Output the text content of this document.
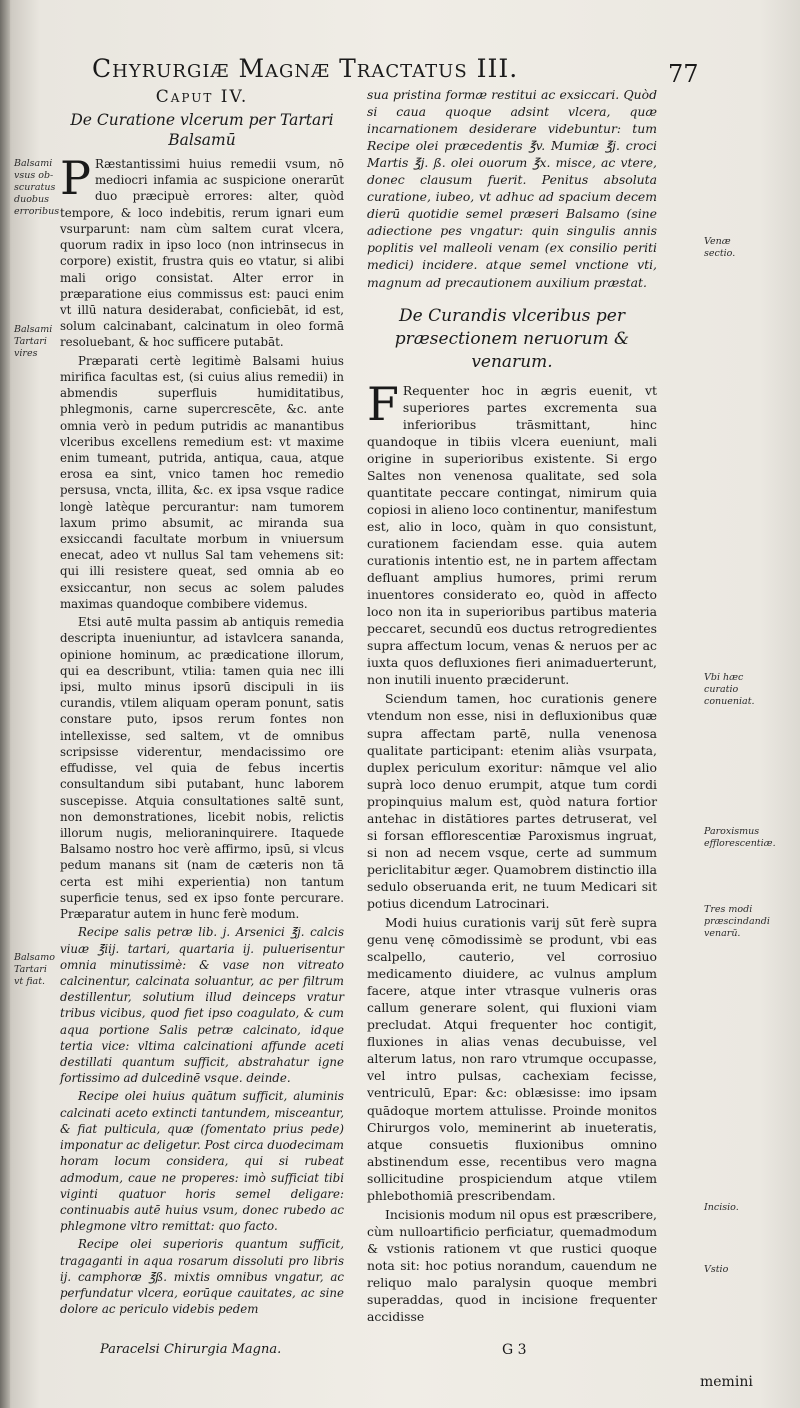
Chyrurgiæ Magnæ Tractatus III.	77
Caput IV.
De Curatione vlcerum per Tartari Balsamū

P Ræstantissimi huius remedii vsum, nō mediocri infamia ac suspicione onerarūt duo præcipuè errores: alter, quòd tempore, & loco indebitis, rerum ignari eum vsurparunt: nam cùm saltem curat vlcera, quorum radix in ipso loco (non intrinsecus in corpore) existit, frustra quis eo vtatur, si alibi mali origo consistat. Alter error in præparatione eius commissus est: pauci enim vt illū natura desiderabat, conficiebāt, id est, solum calcinabant, calcinatum in oleo formā resoluebant, & hoc sufficere putabāt.

Præparati certè legitimè Balsami huius mirifica facultas est, (si cuius alius remedii) in abmendis superfluis humiditatibus, phlegmonis, carne supercrescēte, &c. ante omnia verò in pedum putridis ac manantibus vlceribus excellens remedium est: vt maxime enim tumeant, putrida, antiqua, caua, atque erosa ea sint, vnico tamen hoc remedio persusa, vncta, illita, &c. ex ipsa vsque radice longè latèque percurantur: nam tumorem laxum primo absumit, ac miranda sua exsiccandi facultate morbum in vniuersum enecat, adeo vt nullus Sal tam vehemens sit: qui illi resistere queat, sed omnia ab eo exsiccantur, non secus ac solem paludes maximas quandoque combibere videmus.

Etsi autē multa passim ab antiquis remedia descripta inueniuntur, ad istavlcera sananda, opinione hominum, ac prædicatione illorum, qui ea describunt, vtilia: tamen quia nec illi ipsi, multo minus ipsorū discipuli in iis curandis, vtilem aliquam operam ponunt, satis constare puto, ipsos rerum fontes non intellexisse, sed saltem, vt de omnibus scripsisse viderentur, mendacissimo ore effudisse, vel quia de febus incertis consultandum sibi putabant, hunc laborem suscepisse. Atquia consultationes saltē sunt, non demonstrationes, licebit nobis, relictis illorum nugis, melioraninquirere. Itaquede Balsamo nostro hoc verè affirmo, ipsū, si vlcus pedum manans sit (nam de cæteris non tā certa est mihi experientia) non tantum superficie tenus, sed ex ipso fonte percurare. Præparatur autem in hunc ferè modum.

Recipe salis petræ lib. j. Arsenici ℥j. calcis viuæ ℥iij. tartari, quartaria ij. puluerisentur omnia minutissimè: & vase non vitreato calcinentur, calcinata soluantur, ac per filtrum destillentur, solutium illud deinceps vratur tribus vicibus, quod fiet ipso coagulato, & cum aqua portione Salis petræ calcinato, idque tertia vice: vltima calcinationi affunde aceti destillati quantum sufficit, abstrahatur igne fortissimo ad dulcedinē vsque. deinde.

Recipe olei huius quātum sufficit, aluminis calcinati aceto extincti tantundem, misceantur, & fiat pulticula, quæ (fomentato prius pede) imponatur ac deligetur. Post circa duodecimam horam locum considera, qui si rubeat admodum, caue ne properes: imò sufficiat tibi viginti quatuor horis semel deligare: continuabis autē huius vsum, donec rubedo ac phlegmone vltro remittat: quo facto.

Recipe olei superioris quantum sufficit, tragaganti in aqua rosarum dissoluti pro libris ij. camphoræ ℥ß. mixtis omnibus vngatur, ac perfundatur vlcera, eorūque cauitates, ac sine dolore ac periculo videbis pedem

sua pristina formæ restitui ac exsiccari. Quòd si caua quoque adsint vlcera, quæ incarnationem desiderare videbuntur: tum Recipe olei præcedentis ℥v. Mumiæ ℥j. croci Martis ℥j. ß. olei ouorum ℥x. misce, ac vtere, donec clausum fuerit. Penitus absoluta curatione, iubeo, vt adhuc ad spacium decem dierū quotidie semel præseri Balsamo (sine adiectione pes vngatur: quin singulis annis poplitis vel malleoli venam (ex consilio periti medici) incidere. atque semel vnctione vti, magnum ad precautionem auxilium præstat.

De Curandis vlceribus per præsectionem neruorum & venarum.

F Requenter hoc in ægris euenit, vt superiores partes excrementa sua inferioribus trāsmittant, hinc quandoque in tibiis vlcera eueniunt, mali origine in superioribus existente. Si ergo Saltes non venenosa qualitate, sed sola quantitate peccare contingat, nimirum quia copiosi in alieno loco continentur, manifestum est, alio in loco, quàm in quo consistunt, curationem faciendam esse. quia autem curationis intentio est, ne in partem affectam defluant amplius humores, primi rerum inuentores considerato eo, quòd in affecto loco non ita in superioribus partibus materia peccaret, secundū eos ductus retrogredientes supra affectum locum, venas & neruos per ac iuxta quos defluxiones fieri animaduerterunt, non inutili inuento præciderunt.

Sciendum tamen, hoc curationis genere vtendum non esse, nisi in defluxionibus quæ supra affectam partē, nulla venenosa qualitate participant: etenim aliàs vsurpata, duplex periculum exoritur: nāmque vel alio suprà loco denuo erumpit, atque tum cordi propinquius malum est, quòd natura fortior antehac in distātiores partes detruserat, vel si forsan efflorescentiæ Paroxismus ingruat, si non ad necem vsque, certe ad summum periclitabitur æger. Quamobrem distinctio illa sedulo obseruanda erit, ne tuum Medicari sit potius dicendum Latrocinari.

Modi huius curationis varij sūt ferè supra genu venę cōmodissimè se produnt, vbi eas scalpello, cauterio, vel corrosiuo medicamento diuidere, ac vulnus amplum facere, atque inter vtrasque vulneris oras callum generare solent, qui fluxioni viam precludat. Atqui frequenter hoc contigit, fluxiones in alias venas decubuisse, vel alterum latus, non raro vtrumque occupasse, vel intro pulsas, cachexiam fecisse, ventriculū, Epar: &c: oblæsisse: imo ipsam quādoque mortem attulisse. Proinde monitos Chirurgos volo, meminerint ab inueteratis, atque consuetis fluxionibus omnino abstinendum esse, recentibus vero magna sollicitudine prospiciendum atque vtilem phlebothomiā prescribendam.

Incisionis modum nil opus est præscribere, cùm nulloartificio perficiatur, quemadmodum & vstionis rationem vt que rustici quoque nota sit: hoc potius norandum, cauendum ne reliquo malo paralysin quoque membri superaddas, quod in incisione frequenter accidisse

Balsami vsus ob-scuratus duobus erroribus
Balsami Tartari vires
Balsamo Tartari vt fiat.
Venæ sectio.
Vbi hæc curatio conueniat.
Paroxismus efflorescentiæ.
Tres modi præscindandi venarū.
Incisio.
Vstio
Paracelsi Chirurgia Magna.	G 3
memini
